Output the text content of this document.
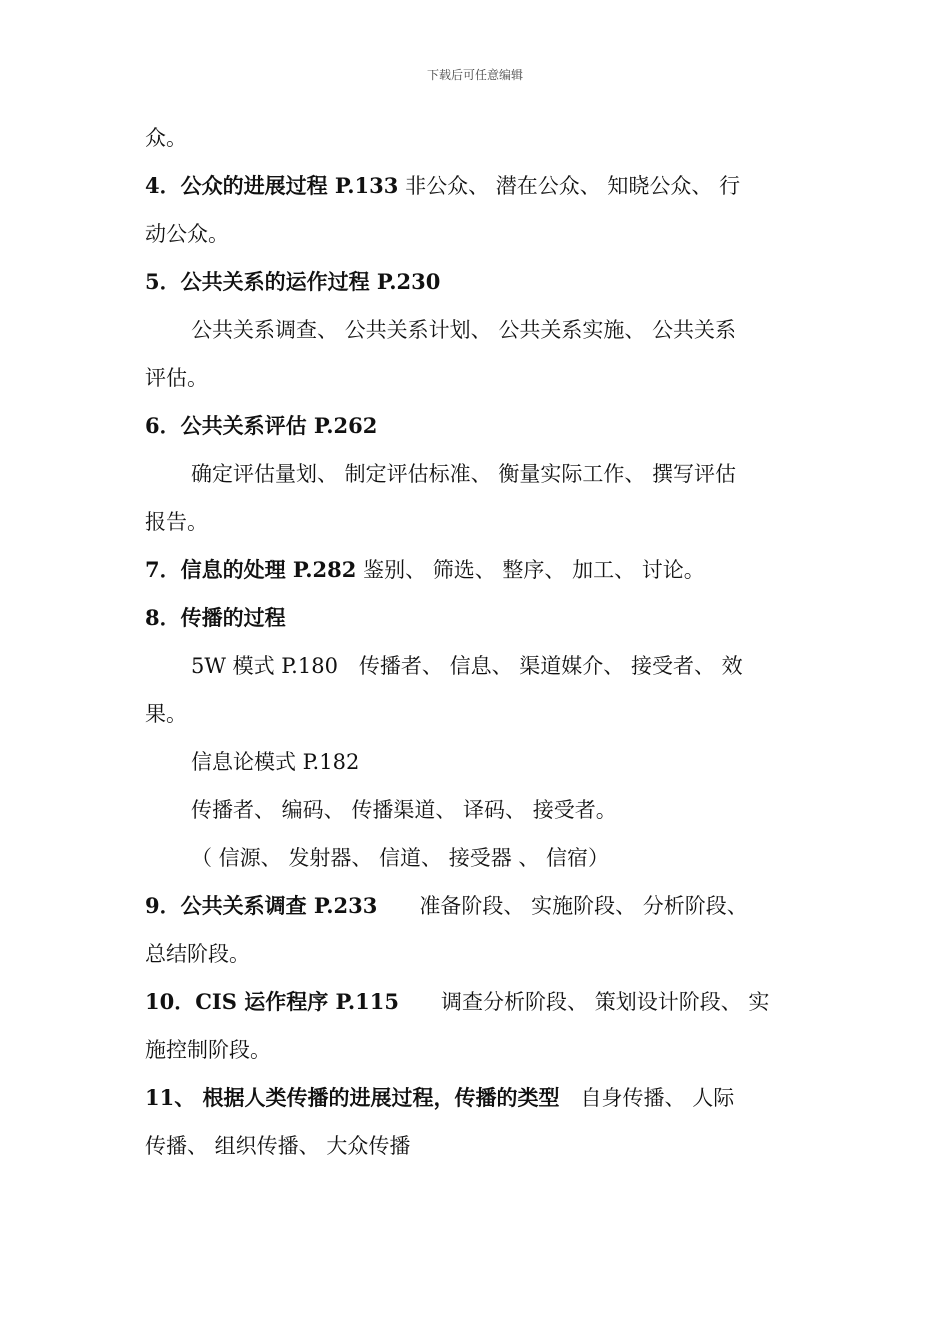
下载后可任意编辑
众。
4．公众的进展过程 P.133 非公众、 潜在公众、 知晓公众、 行
动公众。
5．公共关系的运作过程 P.230
公共关系调查、 公共关系计划、 公共关系实施、 公共关系
评估。
6．公共关系评估 P.262
确定评估量划、 制定评估标准、 衡量实际工作、 撰写评估
报告。
7．信息的处理 P.282 鉴别、 筛选、 整序、 加工、 讨论。
8．传播的过程
5W 模式 P.180　传播者、 信息、 渠道媒介、 接受者、 效
果。
信息论模式 P.182
传播者、 编码、 传播渠道、 译码、 接受者。
（ 信源、 发射器、 信道、 接受器 、 信宿）
9．公共关系调查 P.233　　准备阶段、 实施阶段、 分析阶段、
总结阶段。
10．CIS 运作程序 P.115　　调查分析阶段、 策划设计阶段、 实
施控制阶段。
11、 根据人类传播的进展过程，传播的类型　自身传播、 人际
传播、 组织传播、 大众传播
